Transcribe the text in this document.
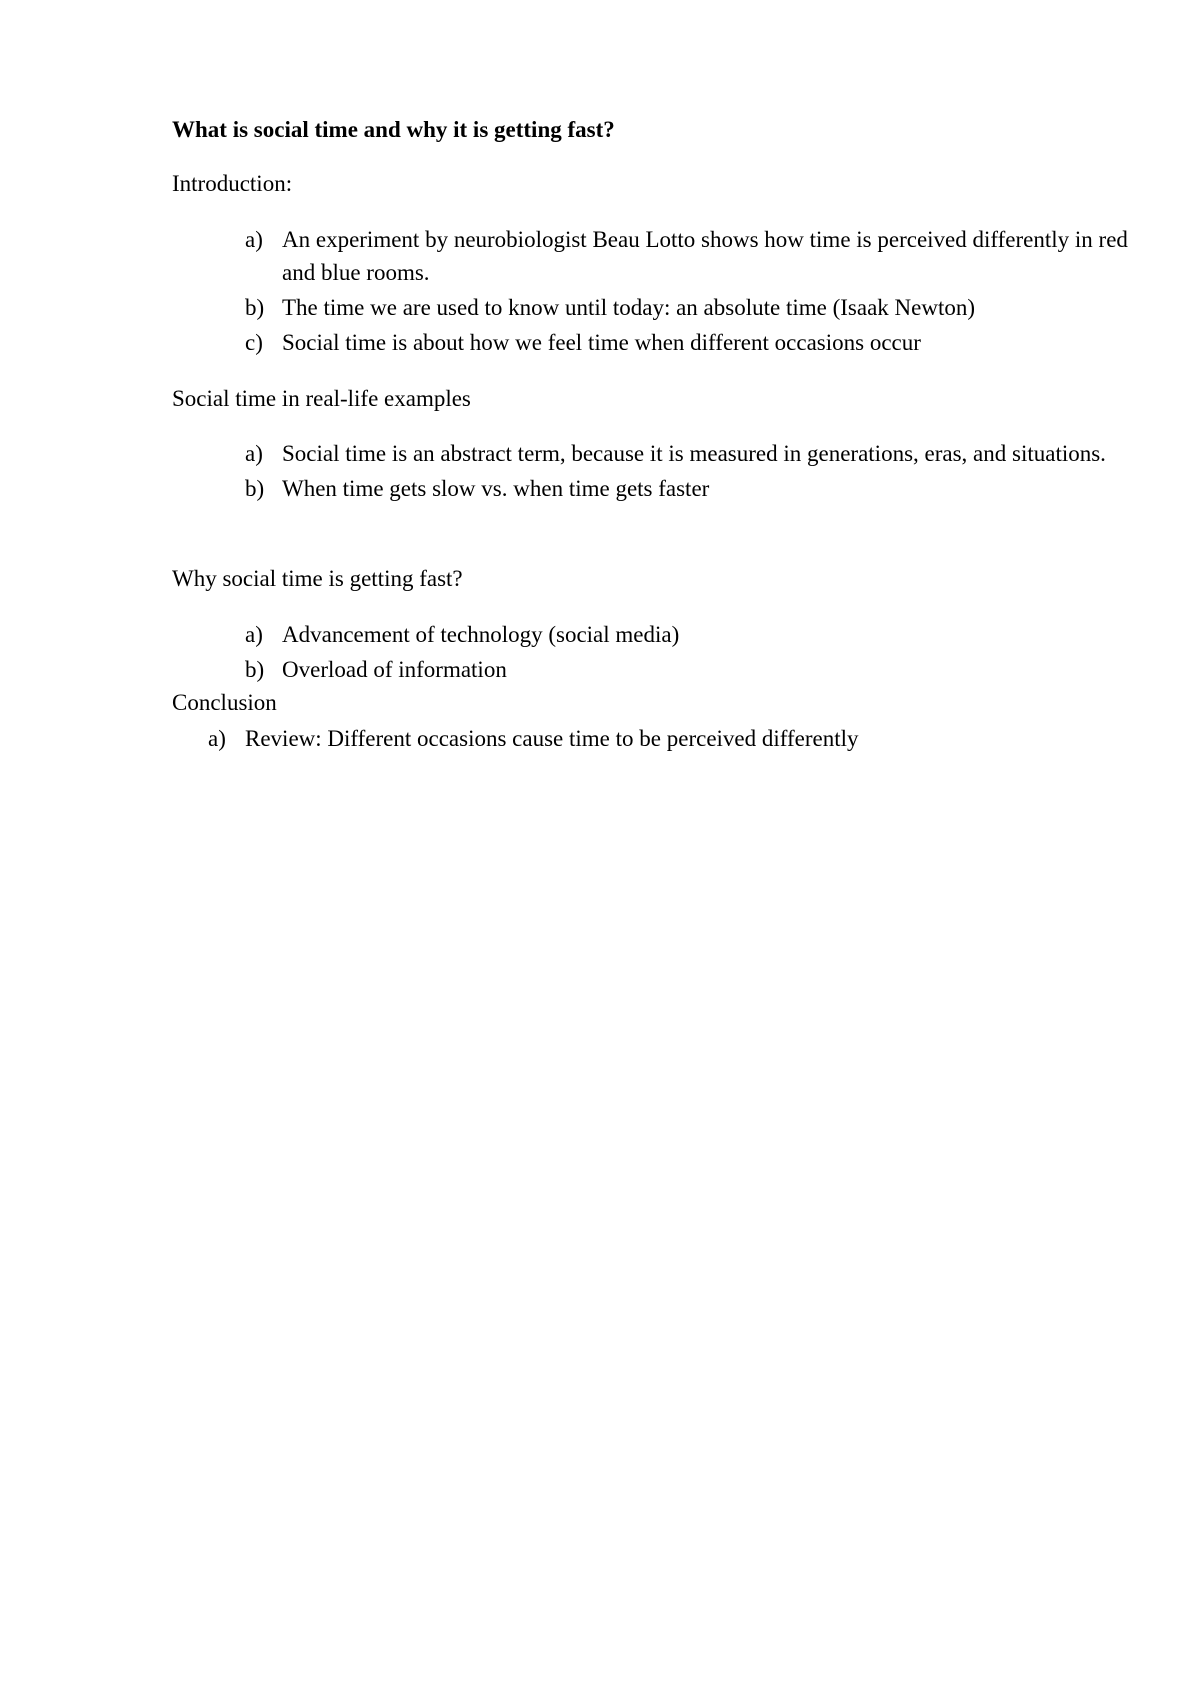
What is social time and why it is getting fast?
Introduction:
a) An experiment by neurobiologist Beau Lotto shows how time is perceived differently in red and blue rooms.
b) The time we are used to know until today: an absolute time (Isaak Newton)
c) Social time is about how we feel time when different occasions occur
Social time in real-life examples
a) Social time is an abstract term, because it is measured in generations, eras, and situations.
b) When time gets slow vs. when time gets faster
Why social time is getting fast?
a) Advancement of technology (social media)
b) Overload of information
Conclusion
a) Review: Different occasions cause time to be perceived differently
